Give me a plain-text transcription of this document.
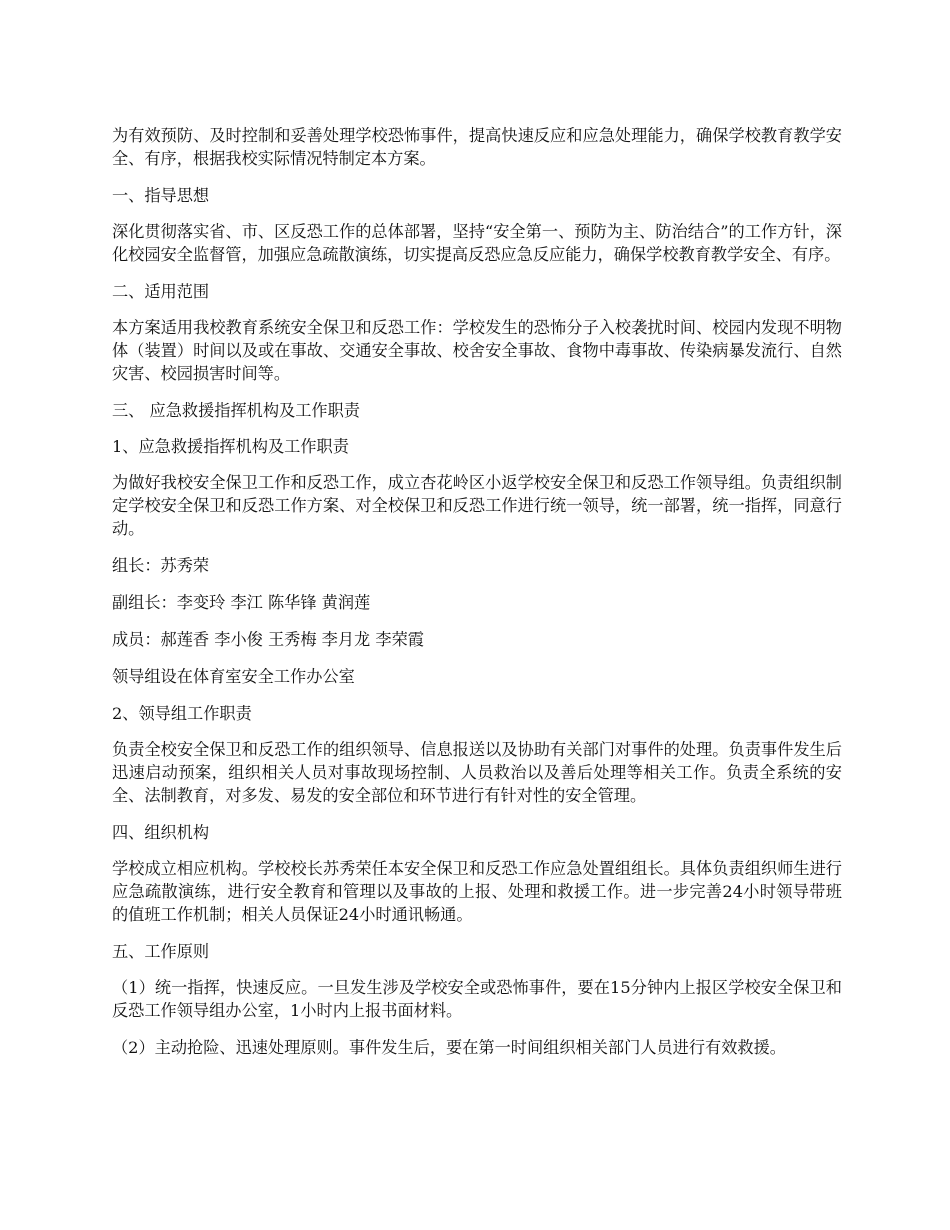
为有效预防、及时控制和妥善处理学校恐怖事件，提高快速反应和应急处理能力，确保学校教育教学安全、有序，根据我校实际情况特制定本方案。

一、指导思想

深化贯彻落实省、市、区反恐工作的总体部署，坚持“安全第一、预防为主、防治结合”的工作方针，深化校园安全监督管，加强应急疏散演练，切实提高反恐应急反应能力，确保学校教育教学安全、有序。

二、适用范围

本方案适用我校教育系统安全保卫和反恐工作：学校发生的恐怖分子入校袭扰时间、校园内发现不明物体（装置）时间以及或在事故、交通安全事故、校舍安全事故、食物中毒事故、传染病暴发流行、自然灾害、校园损害时间等。

三、 应急救援指挥机构及工作职责

1、应急救援指挥机构及工作职责

为做好我校安全保卫工作和反恐工作，成立杏花岭区小返学校安全保卫和反恐工作领导组。负责组织制定学校安全保卫和反恐工作方案、对全校保卫和反恐工作进行统一领导，统一部署，统一指挥，同意行动。

组长：苏秀荣

副组长：李变玲 李江 陈华锋 黄润莲

成员：郝莲香 李小俊 王秀梅 李月龙 李荣霞

领导组设在体育室安全工作办公室

2、领导组工作职责

负责全校安全保卫和反恐工作的组织领导、信息报送以及协助有关部门对事件的处理。负责事件发生后迅速启动预案，组织相关人员对事故现场控制、人员救治以及善后处理等相关工作。负责全系统的安全、法制教育，对多发、易发的安全部位和环节进行有针对性的安全管理。

四、组织机构

学校成立相应机构。学校校长苏秀荣任本安全保卫和反恐工作应急处置组组长。具体负责组织师生进行应急疏散演练，进行安全教育和管理以及事故的上报、处理和救援工作。进一步完善24小时领导带班的值班工作机制；相关人员保证24小时通讯畅通。

五、工作原则

（1）统一指挥，快速反应。一旦发生涉及学校安全或恐怖事件，要在15分钟内上报区学校安全保卫和反恐工作领导组办公室，1小时内上报书面材料。

（2）主动抢险、迅速处理原则。事件发生后，要在第一时间组织相关部门人员进行有效救援。
